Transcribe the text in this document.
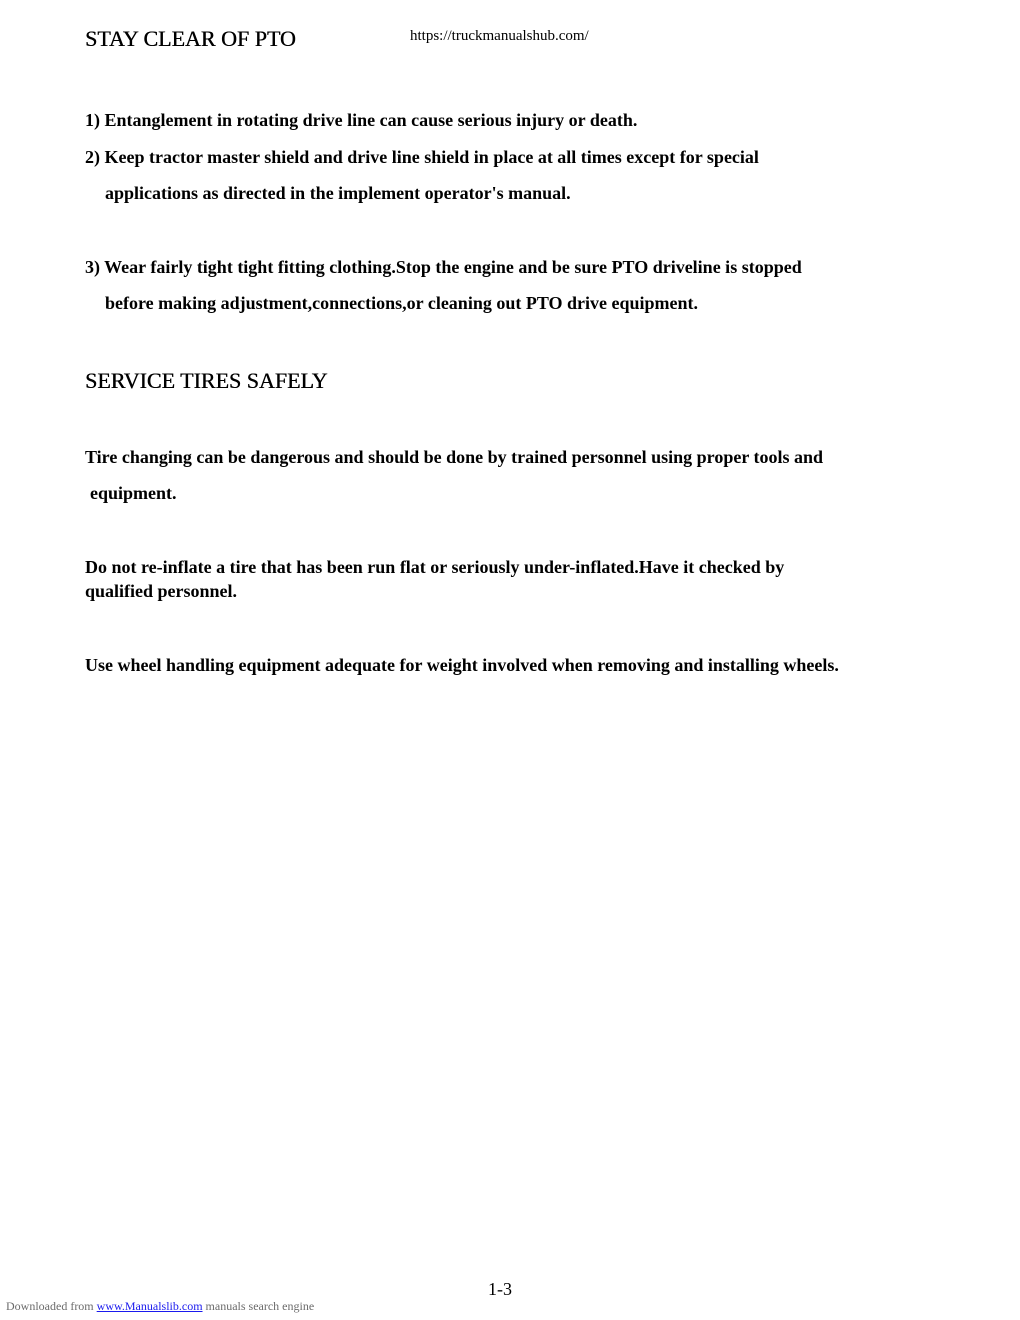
STAY CLEAR OF PTO	https://truckmanualshub.com/
1) Entanglement in rotating drive line can cause serious injury or death.
2) Keep tractor master shield and drive line shield in place at all times except for special
applications as directed in the implement operator's manual.
3) Wear fairly tight tight fitting clothing.Stop the engine and be sure PTO driveline is stopped
before making adjustment,connections,or cleaning out PTO drive equipment.
SERVICE TIRES SAFELY
Tire changing can be dangerous and should be done by trained personnel using proper tools and
equipment.
Do not re-inflate a tire that has been run flat or seriously under-inflated.Have it checked by
qualified personnel.
Use wheel handling equipment adequate for weight involved when removing and installing wheels.
1-3
Downloaded from www.Manualslib.com manuals search engine
